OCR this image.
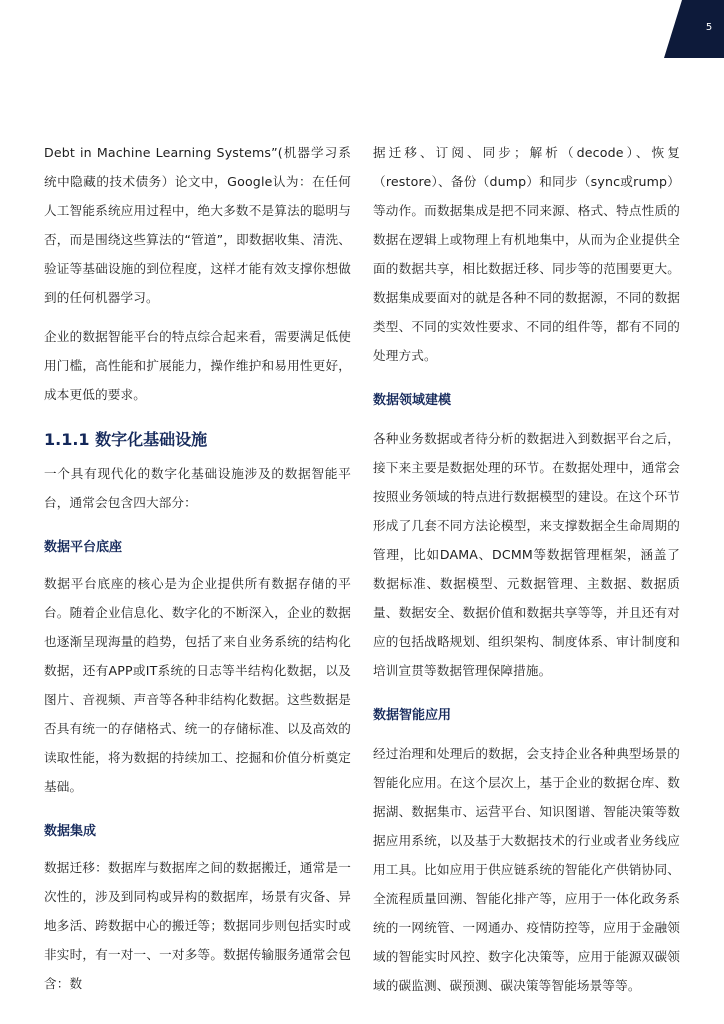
5

Debt in Machine Learning Systems”(机器学习系统中隐藏的技术债务）论文中，Google认为：在任何人工智能系统应用过程中，绝大多数不是算法的聪明与否，而是围绕这些算法的“管道”，即数据收集、清洗、验证等基础设施的到位程度，这样才能有效支撑你想做到的任何机器学习。

企业的数据智能平台的特点综合起来看，需要满足低使用门槛，高性能和扩展能力，操作维护和易用性更好，成本更低的要求。

1.1.1 数字化基础设施

一个具有现代化的数字化基础设施涉及的数据智能平台，通常会包含四大部分：

数据平台底座

数据平台底座的核心是为企业提供所有数据存储的平台。随着企业信息化、数字化的不断深入，企业的数据也逐渐呈现海量的趋势，包括了来自业务系统的结构化数据，还有APP或IT系统的日志等半结构化数据，以及图片、音视频、声音等各种非结构化数据。这些数据是否具有统一的存储格式、统一的存储标准、以及高效的读取性能，将为数据的持续加工、挖掘和价值分析奠定基础。

数据集成

数据迁移：数据库与数据库之间的数据搬迁，通常是一次性的，涉及到同构或异构的数据库，场景有灾备、异地多活、跨数据中心的搬迁等；数据同步则包括实时或非实时，有一对一、一对多等。数据传输服务通常会包含：数

据迁移、订阅、同步；解析（decode）、恢复（restore）、备份（dump）和同步（sync或rump）等动作。而数据集成是把不同来源、格式、特点性质的数据在逻辑上或物理上有机地集中，从而为企业提供全面的数据共享，相比数据迁移、同步等的范围要更大。数据集成要面对的就是各种不同的数据源，不同的数据类型、不同的实效性要求、不同的组件等，都有不同的处理方式。

数据领域建模

各种业务数据或者待分析的数据进入到数据平台之后，接下来主要是数据处理的环节。在数据处理中，通常会按照业务领域的特点进行数据模型的建设。在这个环节形成了几套不同方法论模型，来支撑数据全生命周期的管理，比如DAMA、DCMM等数据管理框架，涵盖了数据标准、数据模型、元数据管理、主数据、数据质量、数据安全、数据价值和数据共享等等，并且还有对应的包括战略规划、组织架构、制度体系、审计制度和培训宣贯等数据管理保障措施。

数据智能应用

经过治理和处理后的数据，会支持企业各种典型场景的智能化应用。在这个层次上，基于企业的数据仓库、数据湖、数据集市、运营平台、知识图谱、智能决策等数据应用系统，以及基于大数据技术的行业或者业务线应用工具。比如应用于供应链系统的智能化产供销协同、全流程质量回溯、智能化排产等，应用于一体化政务系统的一网统管、一网通办、疫情防控等，应用于金融领域的智能实时风控、数字化决策等，应用于能源双碳领域的碳监测、碳预测、碳决策等智能场景等等。
